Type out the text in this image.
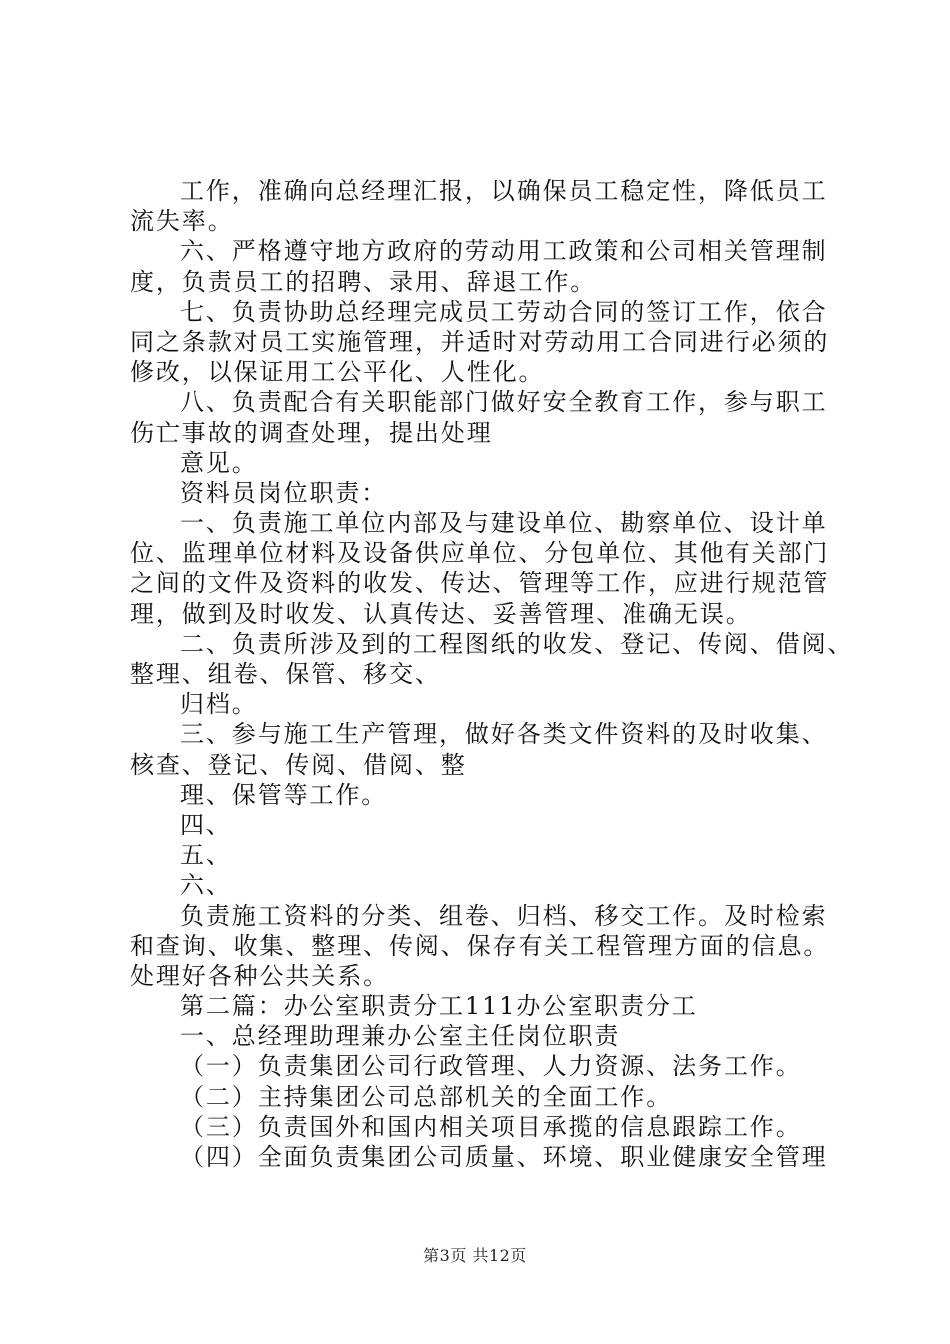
工作，准确向总经理汇报，以确保员工稳定性，降低员工
流失率。
六、严格遵守地方政府的劳动用工政策和公司相关管理制
度，负责员工的招聘、录用、辞退工作。
七、负责协助总经理完成员工劳动合同的签订工作，依合
同之条款对员工实施管理，并适时对劳动用工合同进行必须的
修改，以保证用工公平化、人性化。
八、负责配合有关职能部门做好安全教育工作，参与职工
伤亡事故的调查处理，提出处理
意见。
资料员岗位职责：
一、负责施工单位内部及与建设单位、勘察单位、设计单
位、监理单位材料及设备供应单位、分包单位、其他有关部门
之间的文件及资料的收发、传达、管理等工作，应进行规范管
理，做到及时收发、认真传达、妥善管理、准确无误。
二、负责所涉及到的工程图纸的收发、登记、传阅、借阅、
整理、组卷、保管、移交、
归档。
三、参与施工生产管理，做好各类文件资料的及时收集、
核查、登记、传阅、借阅、整
理、保管等工作。
四、
五、
六、
负责施工资料的分类、组卷、归档、移交工作。及时检索
和查询、收集、整理、传阅、保存有关工程管理方面的信息。
处理好各种公共关系。
第二篇：办公室职责分工111办公室职责分工
一、总经理助理兼办公室主任岗位职责
（一）负责集团公司行政管理、人力资源、法务工作。
（二）主持集团公司总部机关的全面工作。
（三）负责国外和国内相关项目承揽的信息跟踪工作。
（四）全面负责集团公司质量、环境、职业健康安全管理
第3页 共12页
